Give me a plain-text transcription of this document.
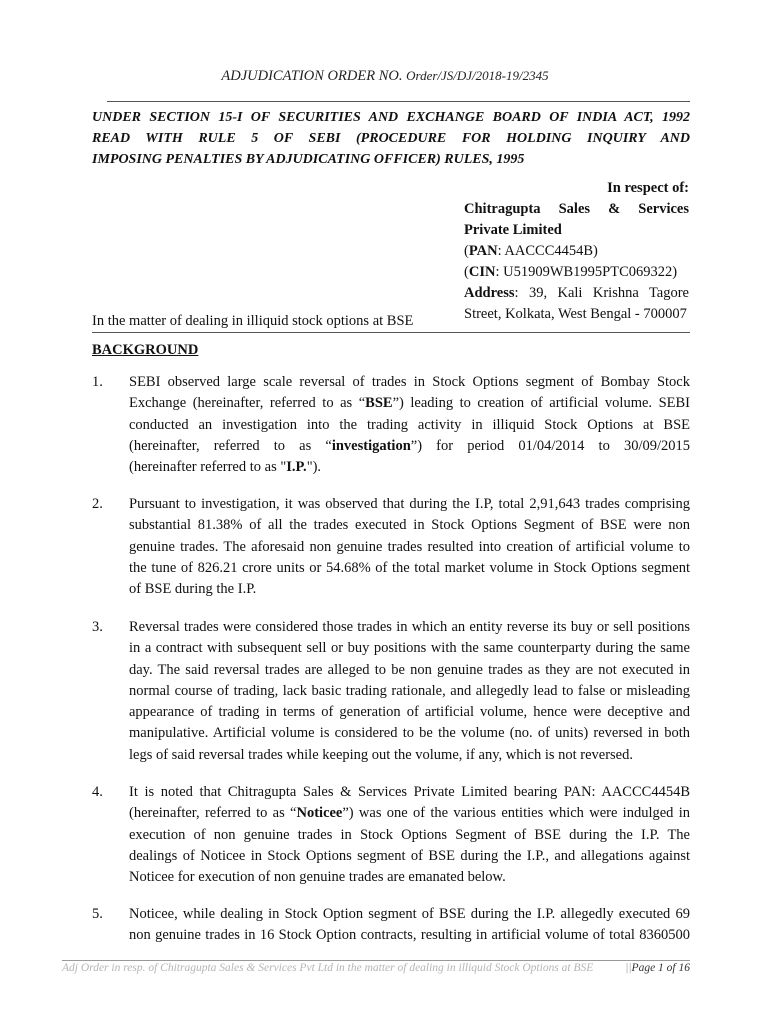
ADJUDICATION ORDER NO. Order/JS/DJ/2018-19/2345
UNDER SECTION 15-I OF SECURITIES AND EXCHANGE BOARD OF INDIA ACT, 1992
READ WITH RULE 5 OF SEBI (PROCEDURE FOR HOLDING INQUIRY AND
IMPOSING PENALTIES BY ADJUDICATING OFFICER) RULES, 1995
In respect of:
Chitragupta Sales & Services
Private Limited
(PAN: AACCC4454B)
(CIN: U51909WB1995PTC069322)
Address: 39, Kali Krishna Tagore
Street, Kolkata, West Bengal - 700007
In the matter of dealing in illiquid stock options at BSE
BACKGROUND
1.	SEBI observed large scale reversal of trades in Stock Options segment of Bombay Stock
Exchange (hereinafter, referred to as “BSE”) leading to creation of artificial volume. SEBI
conducted an investigation into the trading activity in illiquid Stock Options at BSE
(hereinafter, referred to as “investigation”) for period 01/04/2014 to 30/09/2015
(hereinafter referred to as "I.P.").
2.	Pursuant to investigation, it was observed that during the I.P, total 2,91,643 trades comprising
substantial 81.38% of all the trades executed in Stock Options Segment of BSE were non
genuine trades. The aforesaid non genuine trades resulted into creation of artificial volume to
the tune of 826.21 crore units or 54.68% of the total market volume in Stock Options segment
of BSE during the I.P.
3.	Reversal trades were considered those trades in which an entity reverse its buy or sell positions
in a contract with subsequent sell or buy positions with the same counterparty during the same
day. The said reversal trades are alleged to be non genuine trades as they are not executed in
normal course of trading, lack basic trading rationale, and allegedly lead to false or misleading
appearance of trading in terms of generation of artificial volume, hence were deceptive and
manipulative. Artificial volume is considered to be the volume (no. of units) reversed in both
legs of said reversal trades while keeping out the volume, if any, which is not reversed.
4.	It is noted that Chitragupta Sales & Services Private Limited bearing PAN: AACCC4454B
(hereinafter, referred to as “Noticee”) was one of the various entities which were indulged in
execution of non genuine trades in Stock Options Segment of BSE during the I.P. The
dealings of Noticee in Stock Options segment of BSE during the I.P., and allegations against
Noticee for execution of non genuine trades are emanated below.
5.	Noticee, while dealing in Stock Option segment of BSE during the I.P. allegedly executed 69
non genuine trades in 16 Stock Option contracts, resulting in artificial volume of total 8360500
Adj Order in resp. of Chitragupta Sales & Services Pvt Ltd in the matter of dealing in illiquid Stock Options at BSE	||Page 1 of 16
